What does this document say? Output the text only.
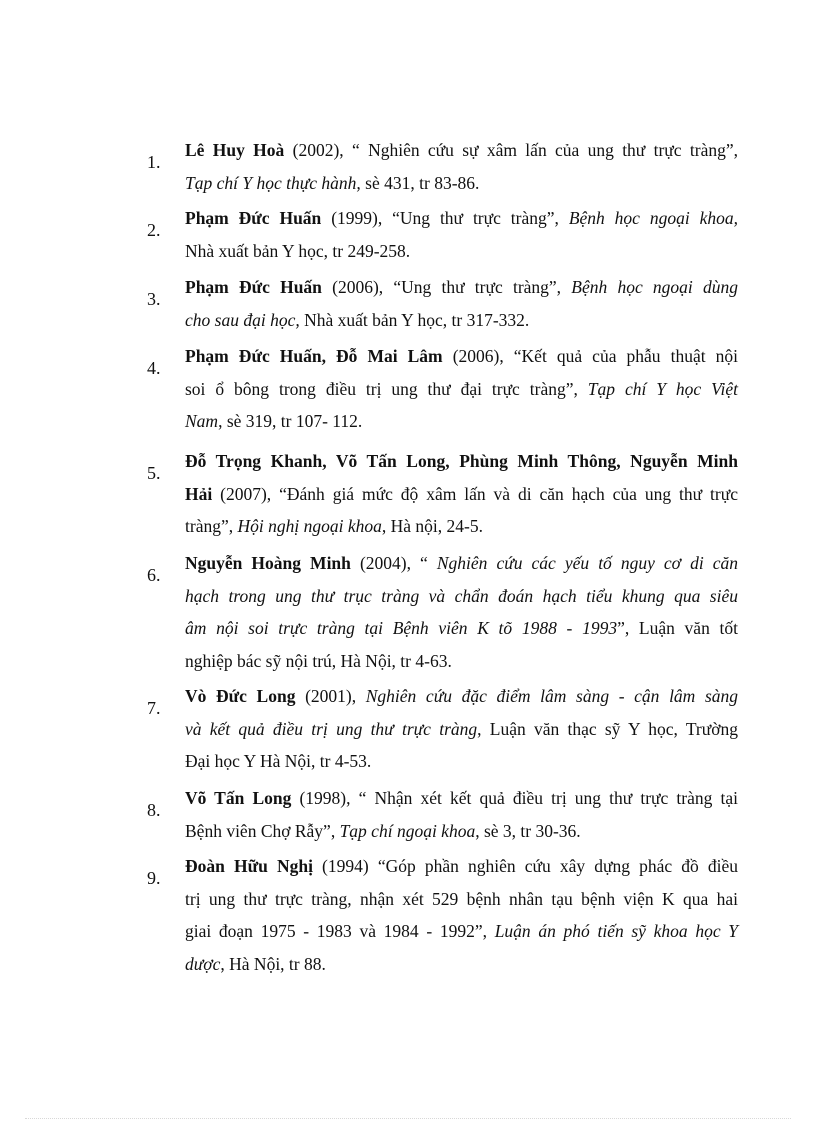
1.
Lê Huy Hoà (2002), “ Nghiên cứu sự xâm lấn của ung thư trực tràng”,
Tạp chí Y học thực hành, sè 431, tr 83-86.
2.
Phạm Đức Huấn (1999), “Ung thư trực tràng”, Bệnh học ngoại khoa,
Nhà xuất bản Y học, tr 249-258.
3.
Phạm Đức Huấn (2006), “Ung thư trực tràng”, Bệnh học ngoại dùng
cho sau đại học, Nhà xuất bản Y học, tr 317-332.
4.
Phạm Đức Huấn, Đỗ Mai Lâm (2006), “Kết quả của phẫu thuật nội
soi ổ bông trong điều trị ung thư đại trực tràng”, Tạp chí Y học Việt
Nam, sè 319, tr 107- 112.
5.
Đỗ Trọng Khanh, Võ Tấn Long, Phùng Minh Thông, Nguyễn Minh
Hải (2007), “Đánh giá mức độ xâm lấn và di căn hạch của ung thư trực
tràng”, Hội nghị ngoại khoa, Hà nội, 24-5.
6.
Nguyễn Hoàng Minh (2004), “ Nghiên cứu các yếu tố nguy cơ di căn
hạch trong ung thư trục tràng và chẩn đoán hạch tiểu khung qua siêu
âm nội soi trực tràng tại Bệnh viên K tõ 1988 - 1993”, Luận văn tốt
nghiệp bác sỹ nội trú, Hà Nội, tr 4-63.
7.
Vò Đức Long (2001), Nghiên cứu đặc điểm lâm sàng - cận lâm sàng
và kết quả điều trị ung thư trực tràng, Luận văn thạc sỹ Y học, Trường
Đại học Y Hà Nội, tr 4-53.
8.
Võ Tấn Long (1998), “ Nhận xét kết quả điều trị ung thư trực tràng tại
Bệnh viên Chợ Rẫy”, Tạp chí ngoại khoa, sè 3, tr 30-36.
9.
Đoàn Hữu Nghị (1994) “Góp phần nghiên cứu xây dựng phác đồ điều
trị ung thư trực tràng, nhận xét 529 bệnh nhân tạu bệnh viện K qua hai
giai đoạn 1975 - 1983 và 1984 - 1992”, Luận án phó tiến sỹ khoa học Y
dược, Hà Nội, tr 88.
